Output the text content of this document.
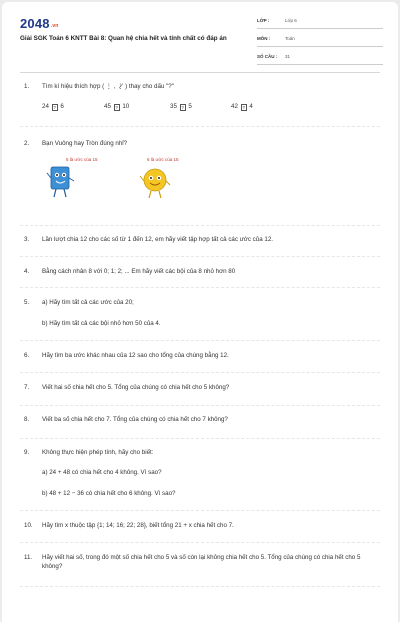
2048.vn
Giải SGK Toán 6 KNTT Bài 8: Quan hệ chia hết và tính chất có đáp án
LỚP :	Lớp 6
MÔN :	Toán
SỐ CÂU : 31
1. Tìm kí hiệu thích hợp ( ⋮ , ⋮̸ ) thay cho dấu "?"
24 ? 6	45 ? 10	35 ? 5	42 ? 4
2. Bạn Vuông hay Tròn đúng nhỉ?
5 là ước của 15	6 là ước của 15
3. Lần lượt chia 12 cho các số từ 1 đến 12, em hãy viết tập hợp tất cả các ước của 12.
4. Bằng cách nhân 8 với 0; 1; 2; ... Em hãy viết các bội của 8 nhỏ hơn 80
5. a) Hãy tìm tất cả các ước của 20;
b) Hãy tìm tất cả các bội nhỏ hơn 50 của 4.
6. Hãy tìm ba ước khác nhau của 12 sao cho tổng của chúng bằng 12.
7. Viết hai số chia hết cho 5. Tổng của chúng có chia hết cho 5 không?
8. Viết ba số chia hết cho 7. Tổng của chúng có chia hết cho 7 không?
9. Không thực hiện phép tính, hãy cho biết:
a) 24 + 48 có chia hết cho 4 không. Vì sao?
b) 48 + 12 − 36 có chia hết cho 6 không. Vì sao?
10. Hãy tìm x thuộc tập {1; 14; 16; 22; 28}, biết tổng 21 + x chia hết cho 7.
11. Hãy viết hai số, trong đó một số chia hết cho 5 và số còn lại không chia hết cho 5. Tổng của chúng có chia hết cho 5 không?
